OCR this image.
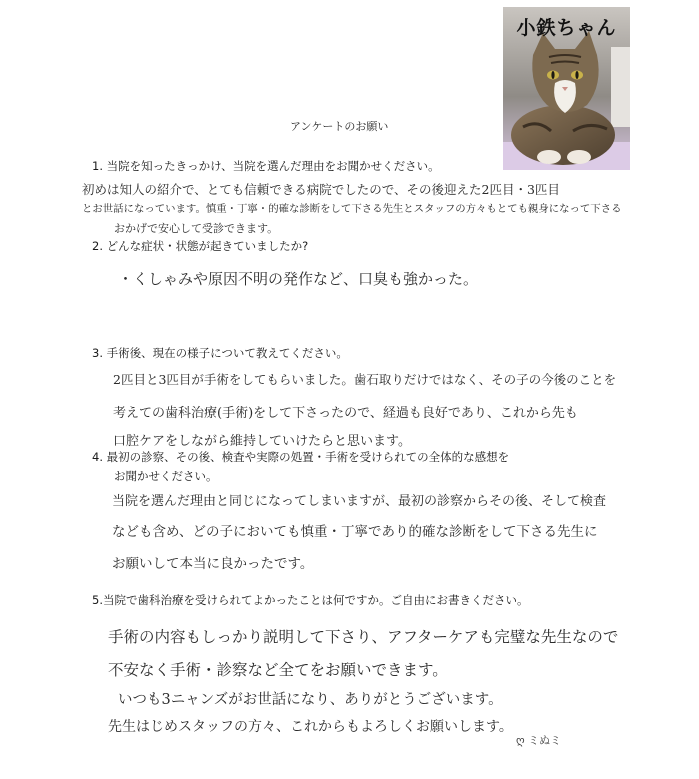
小鉄ちゃん
アンケートのお願い
1. 当院を知ったきっかけ、当院を選んだ理由をお聞かせください。
初めは知人の紹介で、とても信頼できる病院でしたので、その後迎えた2匹目・3匹目
とお世話になっています。慎重・丁寧・的確な診断をして下さる先生とスタッフの方々もとても親身になって下さる
おかげで安心して受診できます。
2. どんな症状・状態が起きていましたか?
・くしゃみや原因不明の発作など、口臭も強かった。
3. 手術後、現在の様子について教えてください。
2匹目と3匹目が手術をしてもらいました。歯石取りだけではなく、その子の今後のことを
考えての歯科治療(手術)をして下さったので、経過も良好であり、これから先も
口腔ケアをしながら維持していけたらと思います。
4. 最初の診察、その後、検査や実際の処置・手術を受けられての全体的な感想を
お聞かせください。
当院を選んだ理由と同じになってしまいますが、最初の診察からその後、そして検査
なども含め、どの子においても慎重・丁寧であり的確な診断をして下さる先生に
お願いして本当に良かったです。
5.当院で歯科治療を受けられてよかったことは何ですか。ご自由にお書きください。
手術の内容もしっかり説明して下さり、アフターケアも完璧な先生なので
不安なく手術・診察など全てをお願いできます。
いつも3ニャンズがお世話になり、ありがとうございます。
先生はじめスタッフの方々、これからもよろしくお願いします。
ღ ミぬミ
